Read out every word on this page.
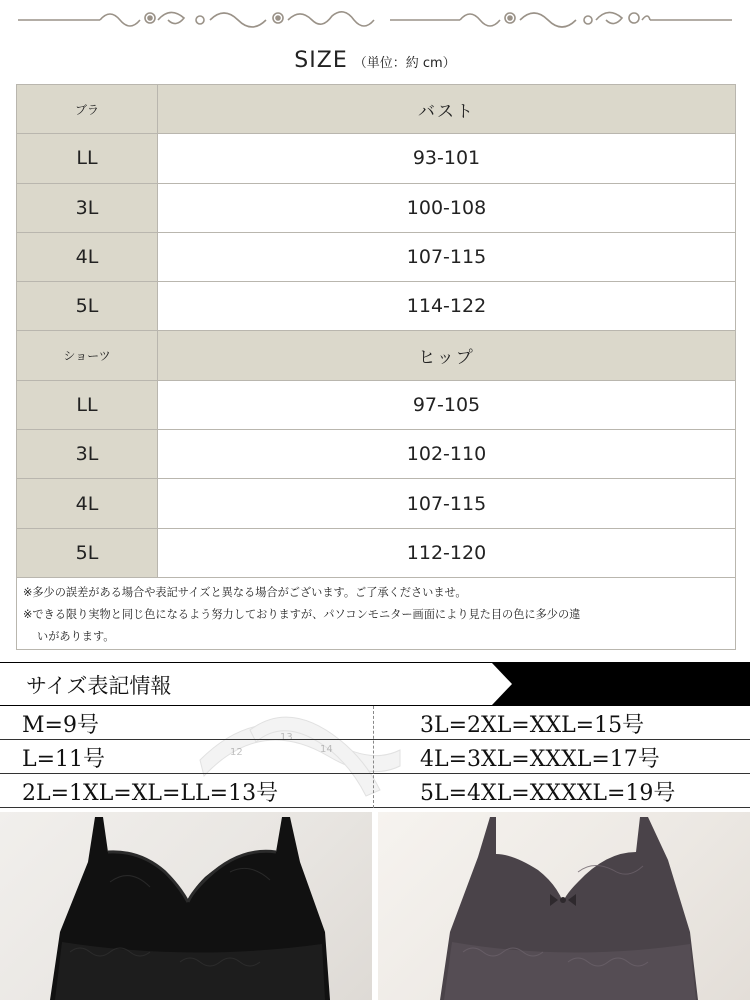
SIZE （単位：約 cm）
ブラ	バスト
LL	93-101
3L	100-108
4L	107-115
5L	114-122
ショーツ	ヒップ
LL	97-105
3L	102-110
4L	107-115
5L	112-120

※多少の誤差がある場合や表記サイズと異なる場合がございます。ご了承くださいませ。

※できる限り実物と同じ色になるよう努力しておりますが、パソコンモニター画面により見た目の色に多少の違

いがあります。

サイズ表記情報
12
13
14
M=9号	3L=2XL=XXL=15号
L=11号	4L=3XL=XXXL=17号
2L=1XL=XL=LL=13号	5L=4XL=XXXXL=19号
